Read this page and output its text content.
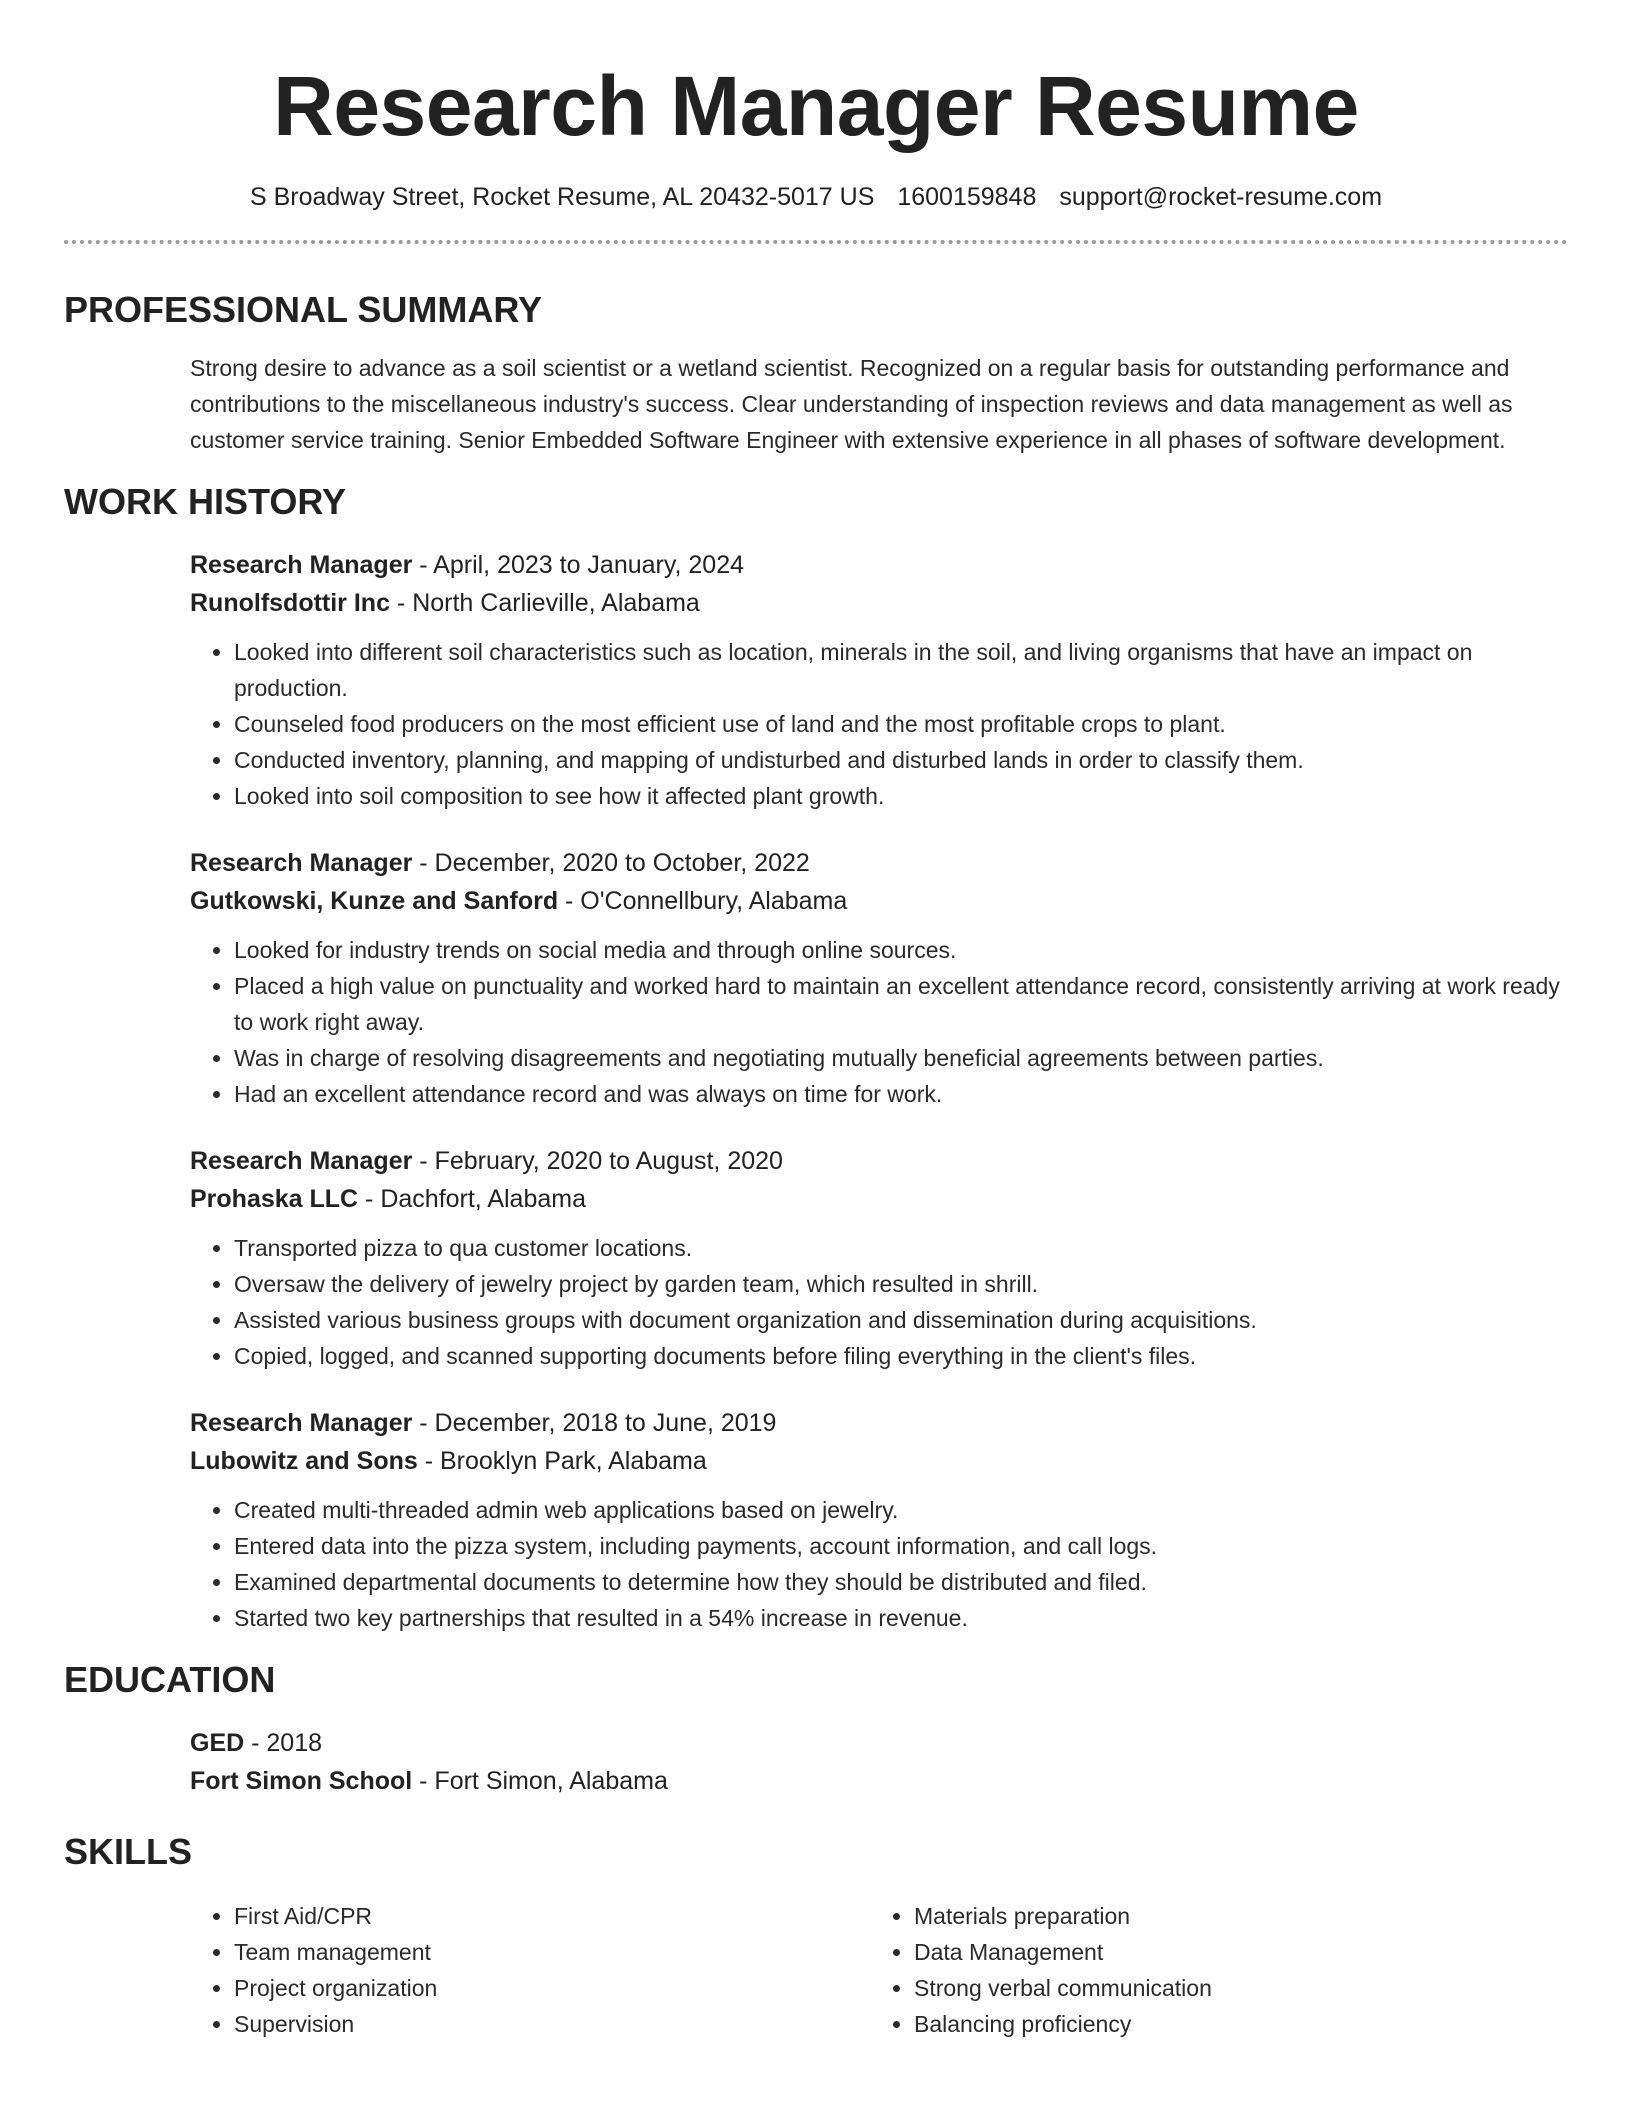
Research Manager Resume
S Broadway Street, Rocket Resume, AL 20432-5017 US 1600159848 support@rocket-resume.com
PROFESSIONAL SUMMARY

Strong desire to advance as a soil scientist or a wetland scientist. Recognized on a regular basis for outstanding performance and contributions to the miscellaneous industry's success. Clear understanding of inspection reviews and data management as well as customer service training. Senior Embedded Software Engineer with extensive experience in all phases of software development.

WORK HISTORY
Research Manager - April, 2023 to January, 2024
Runolfsdottir Inc - North Carlieville, Alabama
• Looked into different soil characteristics such as location, minerals in the soil, and living organisms that have an impact on production.
• Counseled food producers on the most efficient use of land and the most profitable crops to plant.
• Conducted inventory, planning, and mapping of undisturbed and disturbed lands in order to classify them.
• Looked into soil composition to see how it affected plant growth.
Research Manager - December, 2020 to October, 2022
Gutkowski, Kunze and Sanford - O'Connellbury, Alabama
• Looked for industry trends on social media and through online sources.
• Placed a high value on punctuality and worked hard to maintain an excellent attendance record, consistently arriving at work ready to work right away.
• Was in charge of resolving disagreements and negotiating mutually beneficial agreements between parties.
• Had an excellent attendance record and was always on time for work.
Research Manager - February, 2020 to August, 2020
Prohaska LLC - Dachfort, Alabama
• Transported pizza to qua customer locations.
• Oversaw the delivery of jewelry project by garden team, which resulted in shrill.
• Assisted various business groups with document organization and dissemination during acquisitions.
• Copied, logged, and scanned supporting documents before filing everything in the client's files.
Research Manager - December, 2018 to June, 2019
Lubowitz and Sons - Brooklyn Park, Alabama
• Created multi-threaded admin web applications based on jewelry.
• Entered data into the pizza system, including payments, account information, and call logs.
• Examined departmental documents to determine how they should be distributed and filed.
• Started two key partnerships that resulted in a 54% increase in revenue.
EDUCATION
GED - 2018
Fort Simon School - Fort Simon, Alabama
SKILLS
• First Aid/CPR
• Team management
• Project organization
• Supervision
• Materials preparation
• Data Management
• Strong verbal communication
• Balancing proficiency
